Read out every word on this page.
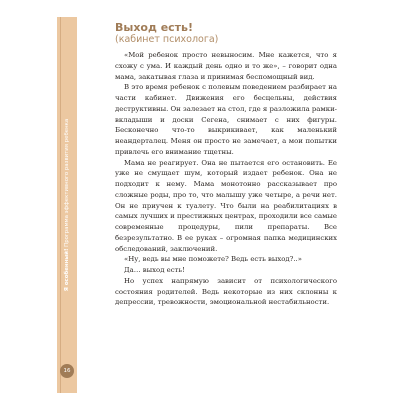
Я особенный! Программа эффективного развития ребенка
16
Выход есть!
(кабинет психолога)

«Мой ребенок просто невыносим. Мне кажется, что я схожу с ума. И каждый день одно и то же», – говорит одна мама, закатывая глаза и принимая беспомощный вид.

В это время ребенок с полевым поведением разбирает на части кабинет. Движения его бесцельны, действия деструктивны. Он залезает на стол, где я разложила рамки-вкладыши и доски Сегена, снимает с них фигуры. Бесконечно что-то выкрикивает, как маленький неандерталец. Меня он просто не замечает, а мои попытки привлечь его внимание тщетны.

Мама не реагирует. Она не пытается его остановить. Ее уже не смущает шум, который издает ребенок. Она не подходит к нему. Мама монотонно рассказывает про сложные роды, про то, что малышу уже четыре, а речи нет. Он не приучен к туалету. Что были на реабилитациях в самых лучших и престижных центрах, проходили все самые современные процедуры, пили препараты. Все безрезультатно. В ее руках – огромная папка медицинских обследований, заключений.

«Ну, ведь вы мне поможете? Ведь есть выход?..»

Да… выход есть!

Но успех напрямую зависит от психологического состояния родителей. Ведь некоторые из них склонны к депрессии, тревожности, эмоциональной нестабильности.
